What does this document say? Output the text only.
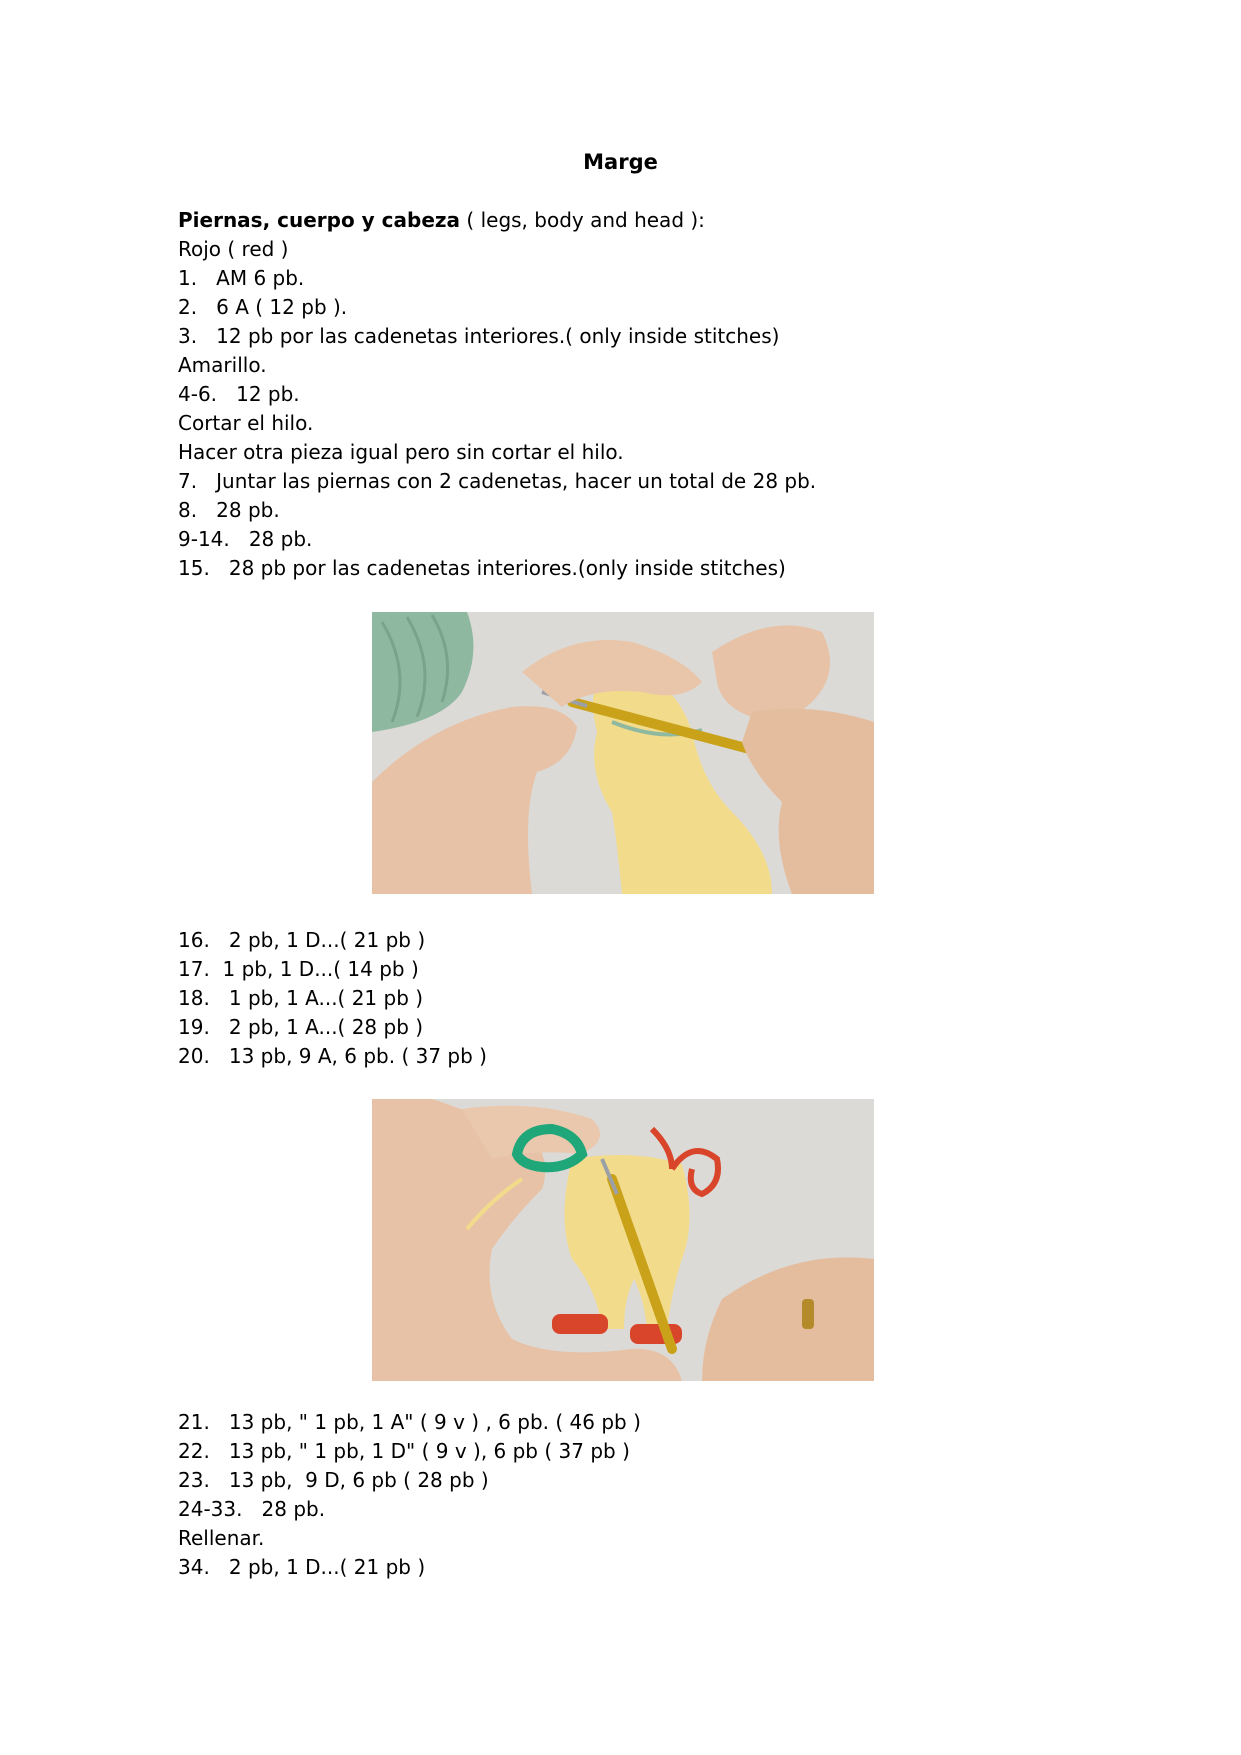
Marge
Piernas, cuerpo y cabeza ( legs, body and head ):
Rojo ( red )
1.   AM 6 pb.
2.   6 A ( 12 pb ).
3.   12 pb por las cadenetas interiores.( only inside stitches)
Amarillo.
4-6.   12 pb.
Cortar el hilo.
Hacer otra pieza igual pero sin cortar el hilo.
7.   Juntar las piernas con 2 cadenetas, hacer un total de 28 pb.
8.   28 pb.
9-14.   28 pb.
15.   28 pb por las cadenetas interiores.(only inside stitches)
16.   2 pb, 1 D...( 21 pb )
17.  1 pb, 1 D...( 14 pb )
18.   1 pb, 1 A...( 21 pb )
19.   2 pb, 1 A...( 28 pb )
20.   13 pb, 9 A, 6 pb. ( 37 pb )
21.   13 pb, " 1 pb, 1 A" ( 9 v ) , 6 pb. ( 46 pb )
22.   13 pb, " 1 pb, 1 D" ( 9 v ), 6 pb ( 37 pb )
23.   13 pb,  9 D, 6 pb ( 28 pb )
24-33.   28 pb.
Rellenar.
34.   2 pb, 1 D...( 21 pb )
